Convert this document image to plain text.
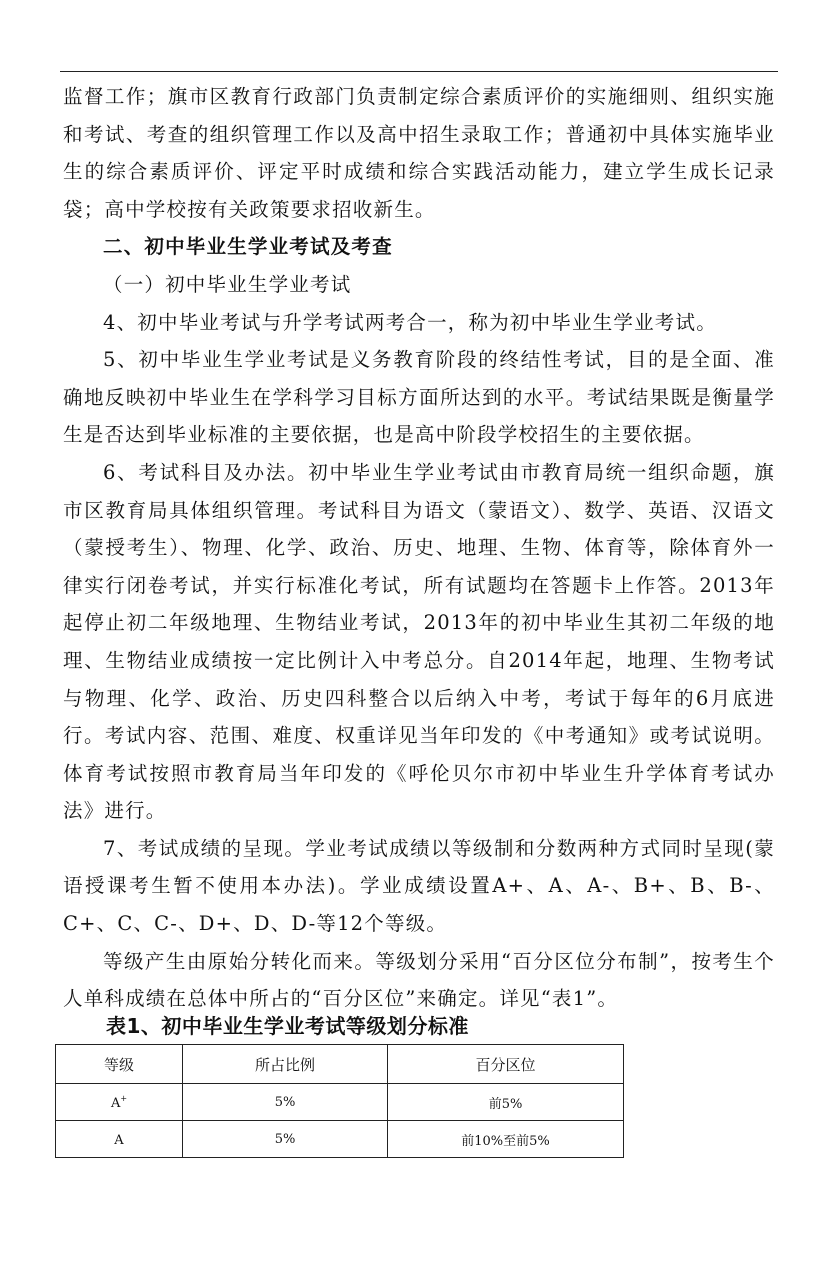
监督工作；旗市区教育行政部门负责制定综合素质评价的实施细则、组织实施和考试、考查的组织管理工作以及高中招生录取工作；普通初中具体实施毕业生的综合素质评价、评定平时成绩和综合实践活动能力，建立学生成长记录袋；高中学校按有关政策要求招收新生。

二、初中毕业生学业考试及考查

（一）初中毕业生学业考试

4、初中毕业考试与升学考试两考合一，称为初中毕业生学业考试。

5、初中毕业生学业考试是义务教育阶段的终结性考试，目的是全面、准确地反映初中毕业生在学科学习目标方面所达到的水平。考试结果既是衡量学生是否达到毕业标准的主要依据，也是高中阶段学校招生的主要依据。

6、考试科目及办法。初中毕业生学业考试由市教育局统一组织命题，旗市区教育局具体组织管理。考试科目为语文（蒙语文）、数学、英语、汉语文（蒙授考生）、物理、化学、政治、历史、地理、生物、体育等，除体育外一律实行闭卷考试，并实行标准化考试，所有试题均在答题卡上作答。2013年起停止初二年级地理、生物结业考试，2013年的初中毕业生其初二年级的地理、生物结业成绩按一定比例计入中考总分。自2014年起，地理、生物考试与物理、化学、政治、历史四科整合以后纳入中考，考试于每年的6月底进行。考试内容、范围、难度、权重详见当年印发的《中考通知》或考试说明。体育考试按照市教育局当年印发的《呼伦贝尔市初中毕业生升学体育考试办法》进行。

7、考试成绩的呈现。学业考试成绩以等级制和分数两种方式同时呈现(蒙语授课考生暂不使用本办法)。学业成绩设置A+、A、A-、B+、B、B-、C+、C、C-、D+、D、D-等12个等级。

等级产生由原始分转化而来。等级划分采用“百分区位分布制”，按考生个人单科成绩在总体中所占的“百分区位”来确定。详见“表1”。

表1、初中毕业生学业考试等级划分标准
等级	所占比例	百分区位
A+	5%	前5%
A	5%	前10%至前5%
